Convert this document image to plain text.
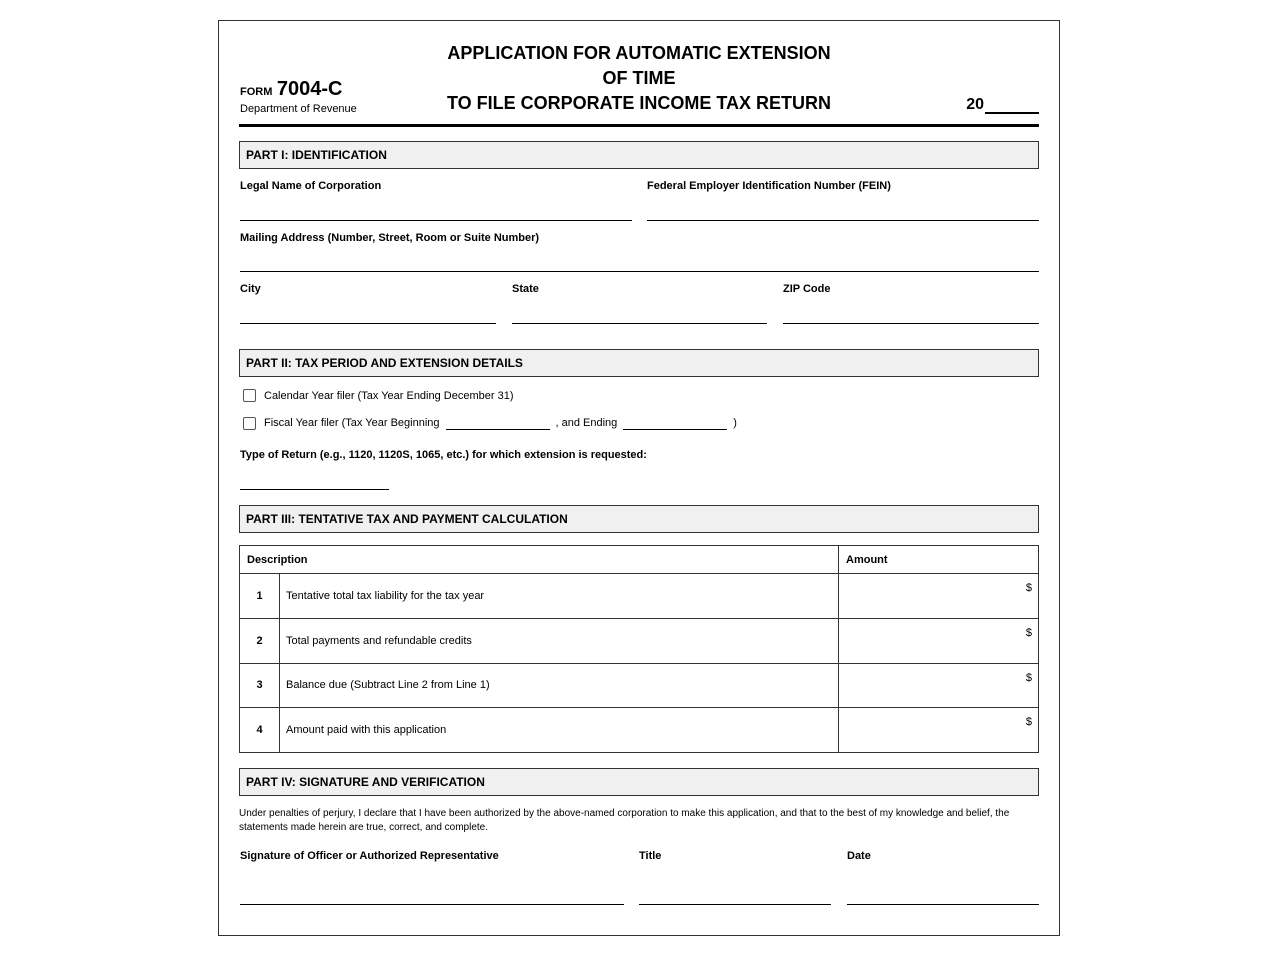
FORM 7004-C
Department of Revenue
APPLICATION FOR AUTOMATIC EXTENSION
OF TIME
TO FILE CORPORATE INCOME TAX RETURN	20
PART I: IDENTIFICATION
Legal Name of Corporation	Federal Employer Identification Number (FEIN)
Mailing Address (Number, Street, Room or Suite Number)
City	State	ZIP Code
PART II: TAX PERIOD AND EXTENSION DETAILS
Calendar Year filer (Tax Year Ending December 31)
Fiscal Year filer (Tax Year Beginning	, and Ending	)
Type of Return (e.g., 1120, 1120S, 1065, etc.) for which extension is requested:
PART III: TENTATIVE TAX AND PAYMENT CALCULATION
Description		Amount
1	Tentative total tax liability for the tax year	$

2	Total payments and refundable credits	$

3	Balance due (Subtract Line 2 from Line 1)	$

4	Amount paid with this application	$
PART IV: SIGNATURE AND VERIFICATION
Under penalties of perjury, I declare that I have been authorized by the above-named corporation to make this application, and that to the best of my knowledge and belief, the statements made herein are true, correct, and complete.
Signature of Officer or Authorized Representative	Title	Date
